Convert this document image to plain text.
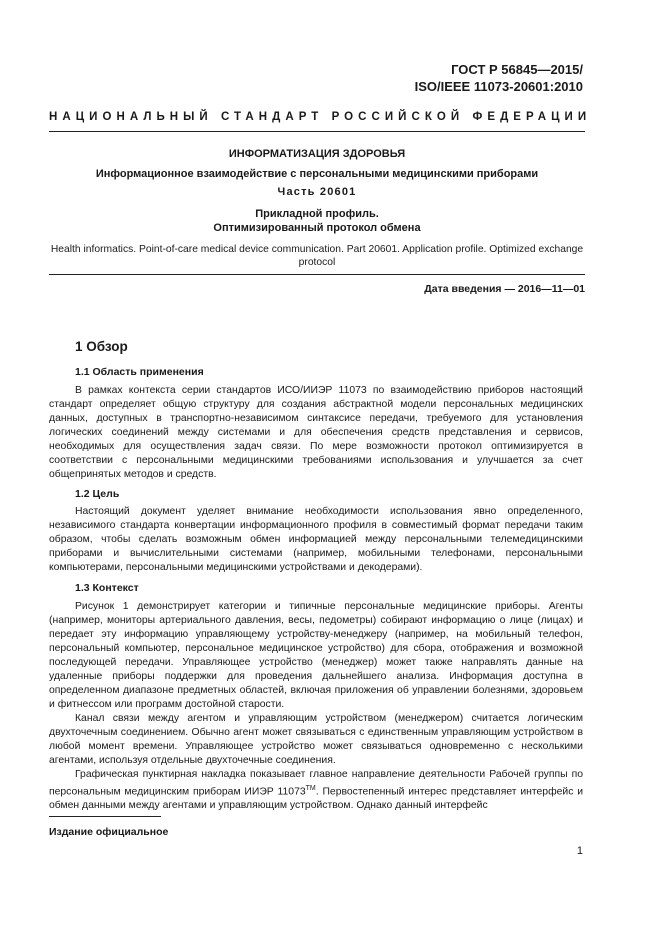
ГОСТ Р 56845—2015/
ISO/IEEE 11073-20601:2010
НАЦИОНАЛЬНЫЙ СТАНДАРТ РОССИЙСКОЙ ФЕДЕРАЦИИ
ИНФОРМАТИЗАЦИЯ ЗДОРОВЬЯ
Информационное взаимодействие с персональными медицинскими приборами
Часть 20601
Прикладной профиль.
Оптимизированный протокол обмена
Health informatics. Point-of-care medical device communication. Part 20601. Application profile. Optimized exchange protocol
Дата введения — 2016—11—01
1 Обзор
1.1 Область применения

В рамках контекста серии стандартов ИСО/ИИЭР 11073 по взаимодействию приборов настоящий стандарт определяет общую структуру для создания абстрактной модели персональных медицинских данных, доступных в транспортно-независимом синтаксисе передачи, требуемого для установления логических соединений между системами и для обеспечения средств представления и сервисов, необходимых для осуществления задач связи. По мере возможности протокол оптимизируется в соответствии с персональными медицинскими требованиями использования и улучшается за счет общепринятых методов и средств.

1.2 Цель

Настоящий документ уделяет внимание необходимости использования явно определенного, независимого стандарта конвертации информационного профиля в совместимый формат передачи таким образом, чтобы сделать возможным обмен информацией между персональными телемедицинскими приборами и вычислительными системами (например, мобильными телефонами, персональными компьютерами, персональными медицинскими устройствами и декодерами).

1.3 Контекст

Рисунок 1 демонстрирует категории и типичные персональные медицинские приборы. Агенты (например, мониторы артериального давления, весы, педометры) собирают информацию о лице (лицах) и передает эту информацию управляющему устройству-менеджеру (например, на мобильный телефон, персональный компьютер, персональное медицинское устройство) для сбора, отображения и возможной последующей передачи. Управляющее устройство (менеджер) может также направлять данные на удаленные приборы поддержки для проведения дальнейшего анализа. Информация доступна в определенном диапазоне предметных областей, включая приложения об управлении болезнями, здоровьем и фитнессом или программ достойной старости.

Канал связи между агентом и управляющим устройством (менеджером) считается логическим двухточечным соединением. Обычно агент может связываться с единственным управляющим устройством в любой момент времени. Управляющее устройство может связываться одновременно с несколькими агентами, используя отдельные двухточечные соединения.

Графическая пунктирная накладка показывает главное направление деятельности Рабочей группы по персональным медицинским приборам ИИЭР 11073™. Первостепенный интерес представляет интерфейс и обмен данными между агентами и управляющим устройством. Однако данный интерфейс

Издание официальное
1
